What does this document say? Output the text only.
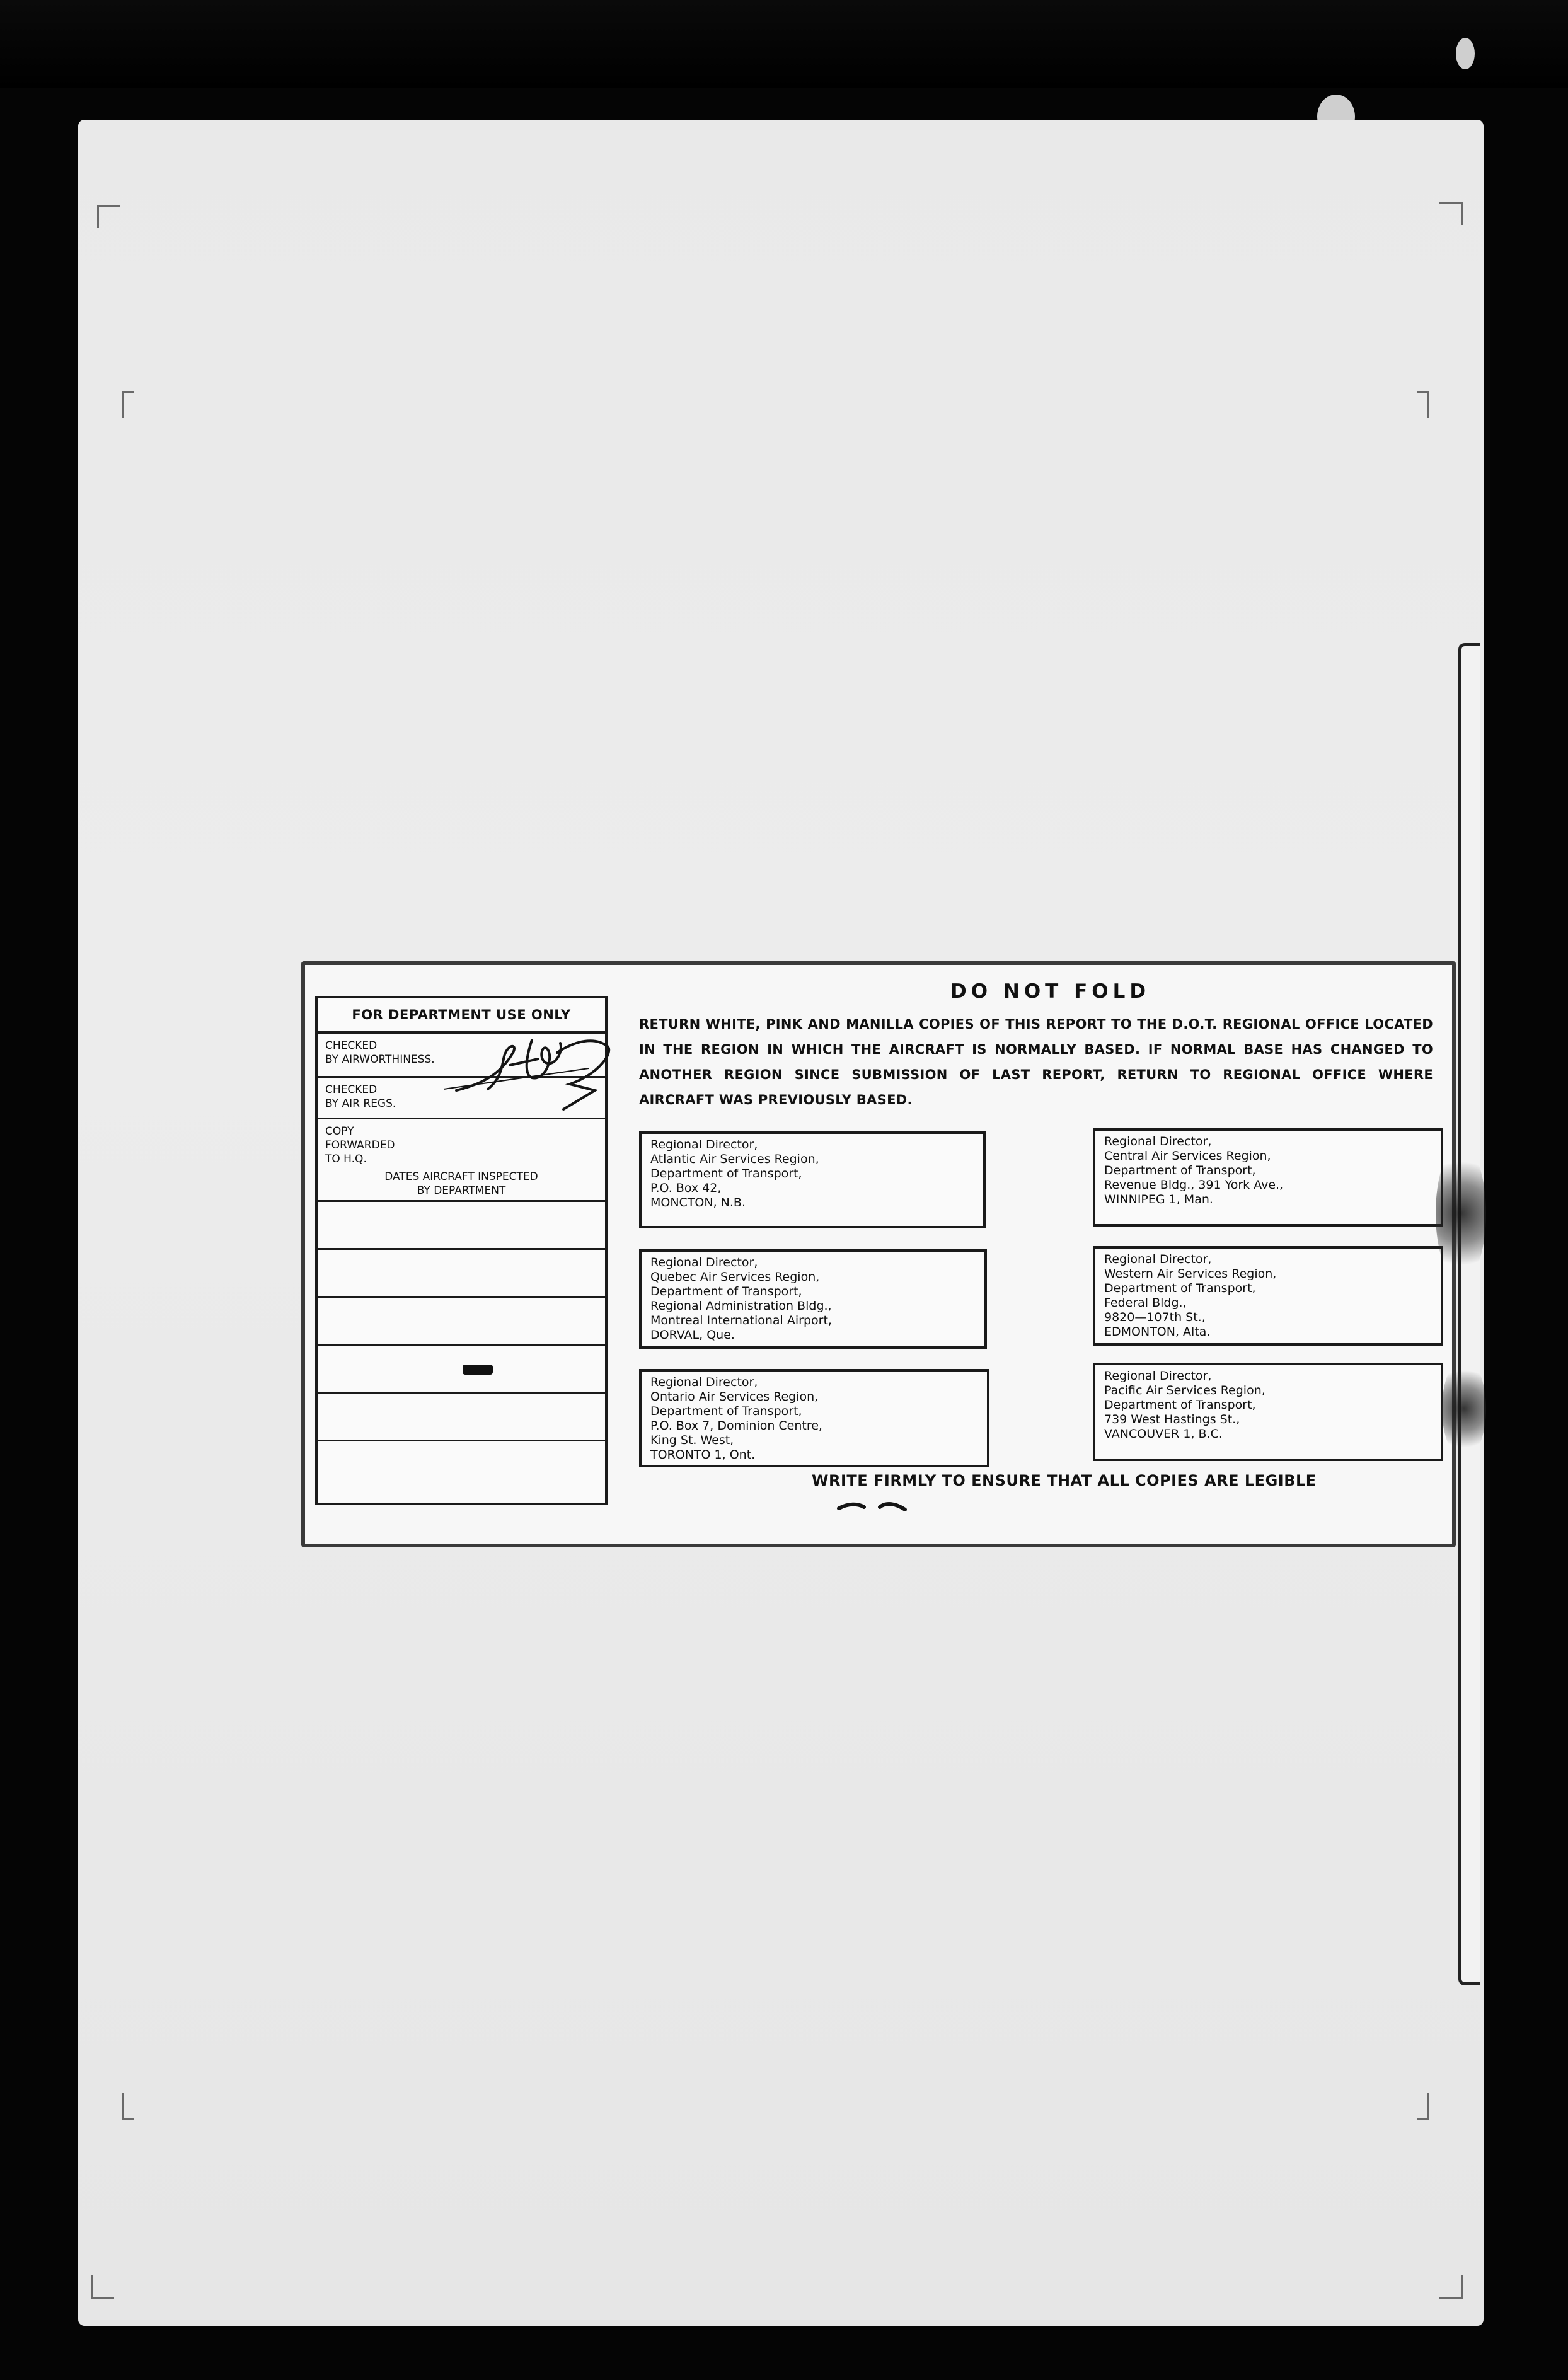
FOR DEPARTMENT USE ONLY
CHECKED
BY AIRWORTHINESS.
CHECKED
BY AIR REGS.
COPY
FORWARDED
TO H.Q.
DATES AIRCRAFT INSPECTED
BY DEPARTMENT
DO NOT FOLD
RETURN WHITE, PINK AND MANILLA COPIES OF THIS REPORT TO THE D.O.T. REGIONAL OFFICE LOCATED IN THE REGION IN WHICH THE AIRCRAFT IS NORMALLY BASED. IF NORMAL BASE HAS CHANGED TO ANOTHER REGION SINCE SUBMISSION OF LAST REPORT, RETURN TO REGIONAL OFFICE WHERE AIRCRAFT WAS PREVIOUSLY BASED.
Regional Director,
Atlantic Air Services Region,
Department of Transport,
P.O. Box 42,
MONCTON, N.B.
Regional Director,
Central Air Services Region,
Department of Transport,
Revenue Bldg., 391 York Ave.,
WINNIPEG 1, Man.
Regional Director,
Quebec Air Services Region,
Department of Transport,
Regional Administration Bldg.,
Montreal International Airport,
DORVAL, Que.
Regional Director,
Western Air Services Region,
Department of Transport,
Federal Bldg.,
9820—107th St.,
EDMONTON, Alta.
Regional Director,
Ontario Air Services Region,
Department of Transport,
P.O. Box 7, Dominion Centre,
King St. West,
TORONTO 1, Ont.
Regional Director,
Pacific Air Services Region,
Department of Transport,
739 West Hastings St.,
VANCOUVER 1, B.C.
WRITE FIRMLY TO ENSURE THAT ALL COPIES ARE LEGIBLE
